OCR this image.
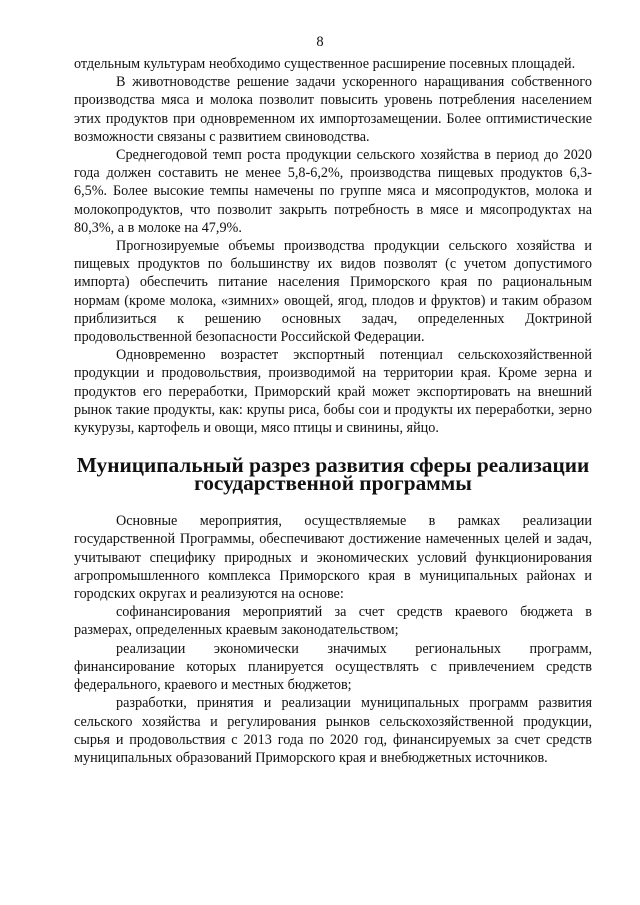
8

отдельным культурам необходимо существенное расширение посевных площадей.

В животноводстве решение задачи ускоренного наращивания собственного производства мяса и молока позволит повысить уровень потребления населением этих продуктов при одновременном их импортозамещении. Более оптимистические возможности связаны с развитием свиноводства.

Среднегодовой темп роста продукции сельского хозяйства в период до 2020 года должен составить не менее 5,8-6,2%, производства пищевых продуктов 6,3-6,5%. Более высокие темпы намечены по группе мяса и мясопродуктов, молока и молокопродуктов, что позволит закрыть потребность в мясе и мясопродуктах на 80,3%, а в молоке на 47,9%.

Прогнозируемые объемы производства продукции сельского хозяйства и пищевых продуктов по большинству их видов позволят (с учетом допустимого импорта) обеспечить питание населения Приморского края по рациональным нормам (кроме молока, «зимних» овощей, ягод, плодов и фруктов) и таким образом приблизиться к решению основных задач, определенных Доктриной продовольственной безопасности Российской Федерации.

Одновременно возрастет экспортный потенциал сельскохозяйственной продукции и продовольствия, производимой на территории края. Кроме зерна и продуктов его переработки, Приморский край может экспортировать на внешний рынок такие продукты, как: крупы риса, бобы сои и продукты их переработки, зерно кукурузы, картофель и овощи, мясо птицы и свинины, яйцо.

Муниципальный разрез развития сферы реализации
государственной программы

Основные мероприятия, осуществляемые в рамках реализации государственной Программы, обеспечивают достижение намеченных целей и задач, учитывают специфику природных и экономических условий функционирования агропромышленного комплекса Приморского края в муниципальных районах и городских округах и реализуются на основе:

софинансирования мероприятий за счет средств краевого бюджета в размерах, определенных краевым законодательством;

реализации экономически значимых региональных программ, финансирование которых планируется осуществлять с привлечением средств федерального, краевого и местных бюджетов;

разработки, принятия и реализации муниципальных программ развития сельского хозяйства и регулирования рынков сельскохозяйственной продукции, сырья и продовольствия с 2013 года по 2020 год, финансируемых за счет средств муниципальных образований Приморского края и внебюджетных источников.
